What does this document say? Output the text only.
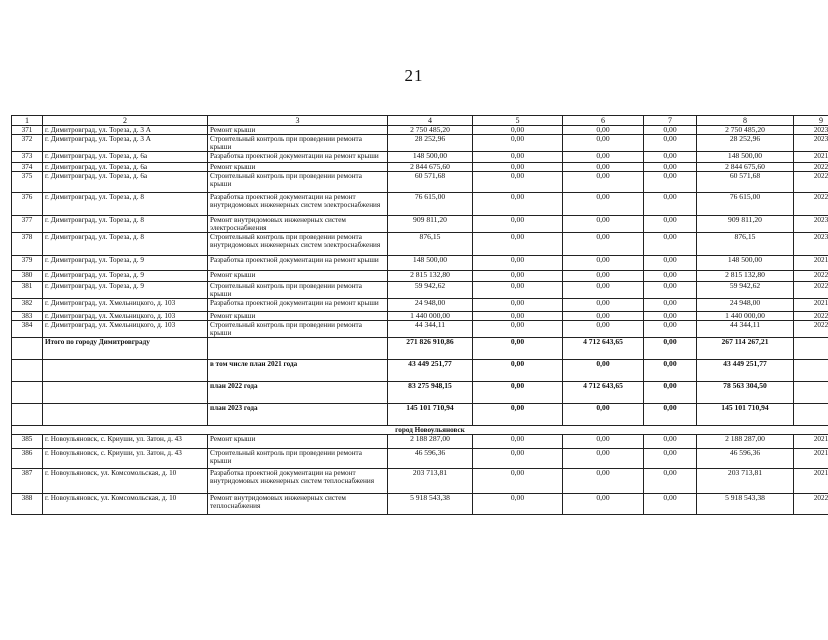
21
1	2	3	4	5	6	7	8	9
371	г. Димитровград, ул. Тореза, д. 3 А	Ремонт крыши	2 750 485,20	0,00	0,00	0,00	2 750 485,20	2023
372	г. Димитровград, ул. Тореза, д. 3 А	Строительный контроль при проведении ремонта крыши	28 252,96	0,00	0,00	0,00	28 252,96	2023
373	г. Димитровград, ул. Тореза, д. 6а	Разработка проектной документации на ремонт крыши	148 500,00	0,00	0,00	0,00	148 500,00	2021
374	г. Димитровград, ул. Тореза, д. 6а	Ремонт крыши	2 844 675,60	0,00	0,00	0,00	2 844 675,60	2022
375	г. Димитровград, ул. Тореза, д. 6а	Строительный контроль при проведении ремонта крыши	60 571,68	0,00	0,00	0,00	60 571,68	2022
376	г. Димитровград, ул. Тореза, д. 8	Разработка проектной документации на ремонт внутридомовых инженерных систем электроснабжения	76 615,00	0,00	0,00	0,00	76 615,00	2022
377	г. Димитровград, ул. Тореза, д. 8	Ремонт внутридомовых инженерных систем электроснабжения	909 811,20	0,00	0,00	0,00	909 811,20	2023
378	г. Димитровград, ул. Тореза, д. 8	Строительный контроль при проведении ремонта внутридомовых инженерных систем электроснабжения	876,15	0,00	0,00	0,00	876,15	2023
379	г. Димитровград, ул. Тореза, д. 9	Разработка проектной документации на ремонт крыши	148 500,00	0,00	0,00	0,00	148 500,00	2021
380	г. Димитровград, ул. Тореза, д. 9	Ремонт крыши	2 815 132,80	0,00	0,00	0,00	2 815 132,80	2022
381	г. Димитровград, ул. Тореза, д. 9	Строительный контроль при проведении ремонта крыши	59 942,62	0,00	0,00	0,00	59 942,62	2022
382	г. Димитровград, ул. Хмельницкого, д. 103	Разработка проектной документации на ремонт крыши	24 948,00	0,00	0,00	0,00	24 948,00	2021
383	г. Димитровград, ул. Хмельницкого, д. 103	Ремонт крыши	1 440 000,00	0,00	0,00	0,00	1 440 000,00	2022
384	г. Димитровград, ул. Хмельницкого, д. 103	Строительный контроль при проведении ремонта крыши	44 344,11	0,00	0,00	0,00	44 344,11	2022
	Итого по городу Димитровграду		271 826 910,86	0,00	4 712 643,65	0,00	267 114 267,21	
		в том числе план 2021 года	43 449 251,77	0,00	0,00	0,00	43 449 251,77	
		план 2022 года	83 275 948,15	0,00	4 712 643,65	0,00	78 563 304,50	
		план 2023 года	145 101 710,94	0,00	0,00	0,00	145 101 710,94	
город Новоульяновск								
385	г. Новоульяновск, с. Криуши, ул. Затон, д. 43	Ремонт крыши	2 188 287,00	0,00	0,00	0,00	2 188 287,00	2021
386	г. Новоульяновск, с. Криуши, ул. Затон, д. 43	Строительный контроль при проведении ремонта крыши	46 596,36	0,00	0,00	0,00	46 596,36	2021
387	г. Новоульяновск, ул. Комсомольская, д. 10	Разработка проектной документации на ремонт внутридомовых инженерных систем теплоснабжения	203 713,81	0,00	0,00	0,00	203 713,81	2021
388	г. Новоульяновск, ул. Комсомольская, д. 10	Ремонт внутридомовых инженерных систем теплоснабжения	5 918 543,38	0,00	0,00	0,00	5 918 543,38	2022
